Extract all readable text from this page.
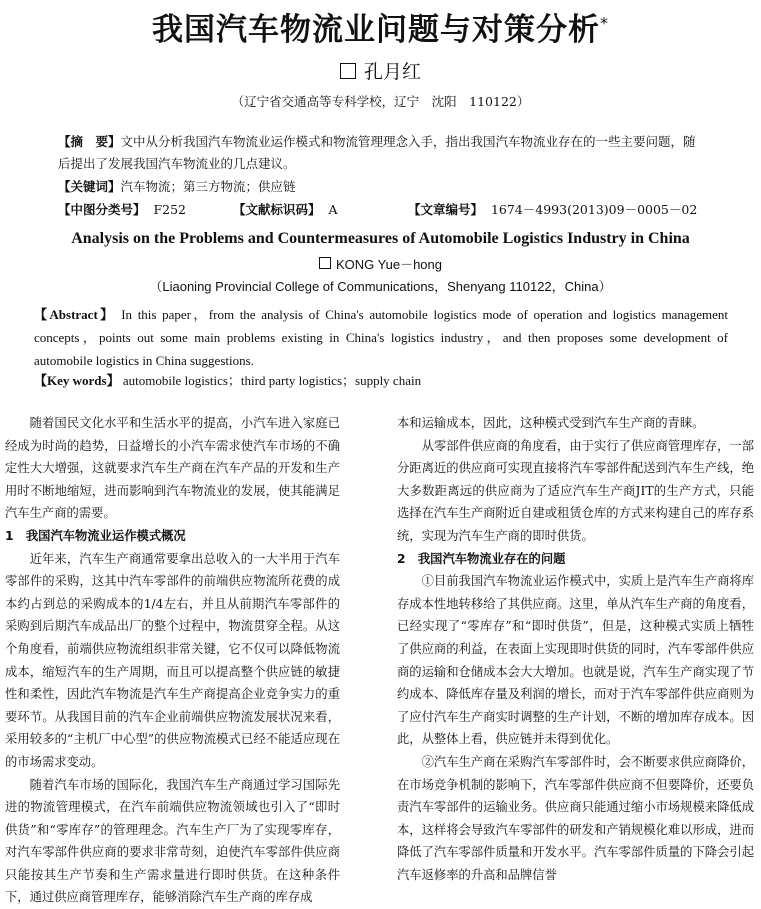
我国汽车物流业问题与对策分析*
孔月红
（辽宁省交通高等专科学校，辽宁　沈阳　110122）
【摘　要】文中从分析我国汽车物流业运作模式和物流管理理念入手，指出我国汽车物流业存在的一些主要问题，随后提出了发展我国汽车物流业的几点建议。
【关键词】汽车物流；第三方物流；供应链
【中图分类号】 F252	【文献标识码】 A	【文章编号】 1674－4993(2013)09－0005－02
Analysis on the Problems and Countermeasures of Automobile Logistics Industry in China
KONG Yue－hong
（Liaoning Provincial College of Communications，Shenyang 110122，China）
【Abstract】 In this paper，from the analysis of China's automobile logistics mode of operation and logistics management concepts，points out some main problems existing in China's logistics industry，and then proposes some development of automobile logistics in China suggestions.
【Key words】 automobile logistics；third party logistics；supply chain

随着国民文化水平和生活水平的提高，小汽车进入家庭已经成为时尚的趋势，日益增长的小汽车需求使汽车市场的不确定性大大增强，这就要求汽车生产商在汽车产品的开发和生产用时不断地缩短，进而影响到汽车物流业的发展，使其能满足汽车生产商的需要。

1　我国汽车物流业运作模式概况

近年来，汽车生产商通常要拿出总收入的一大半用于汽车零部件的采购，这其中汽车零部件的前端供应物流所花费的成本约占到总的采购成本的1/4左右，并且从前期汽车零部件的采购到后期汽车成品出厂的整个过程中，物流贯穿全程。从这个角度看，前端供应物流组织非常关键，它不仅可以降低物流成本，缩短汽车的生产周期，而且可以提高整个供应链的敏捷性和柔性，因此汽车物流是汽车生产商提高企业竞争实力的重要环节。从我国目前的汽车企业前端供应物流发展状况来看，采用较多的“主机厂中心型”的供应物流模式已经不能适应现在的市场需求变动。

随着汽车市场的国际化，我国汽车生产商通过学习国际先进的物流管理模式，在汽车前端供应物流领域也引入了“即时供货”和“零库存”的管理理念。汽车生产厂为了实现零库存，对汽车零部件供应商的要求非常苛刻，迫使汽车零部件供应商只能按其生产节奏和生产需求量进行即时供货。在这种条件下，通过供应商管理库存，能够消除汽车生产商的库存成

本和运输成本，因此，这种模式受到汽车生产商的青睐。

从零部件供应商的角度看，由于实行了供应商管理库存，一部分距离近的供应商可实现直接将汽车零部件配送到汽车生产线，绝大多数距离远的供应商为了适应汽车生产商JIT的生产方式，只能选择在汽车生产商附近自建或租赁仓库的方式来构建自己的库存系统，实现为汽车生产商的即时供货。

2　我国汽车物流业存在的问题

①目前我国汽车物流业运作模式中，实质上是汽车生产商将库存成本性地转移给了其供应商。这里，单从汽车生产商的角度看，已经实现了“零库存”和“即时供货”，但是，这种模式实质上牺牲了供应商的利益，在表面上实现即时供货的同时，汽车零部件供应商的运输和仓储成本会大大增加。也就是说，汽车生产商实现了节约成本、降低库存量及利润的增长，而对于汽车零部件供应商则为了应付汽车生产商实时调整的生产计划，不断的增加库存成本。因此，从整体上看，供应链并未得到优化。

②汽车生产商在采购汽车零部件时，会不断要求供应商降价，在市场竞争机制的影响下，汽车零部件供应商不但要降价，还要负责汽车零部件的运输业务。供应商只能通过缩小市场规模来降低成本，这样将会导致汽车零部件的研发和产销规模化难以形成，进而降低了汽车零部件质量和开发水平。汽车零部件质量的下降会引起汽车返修率的升高和品牌信誉
